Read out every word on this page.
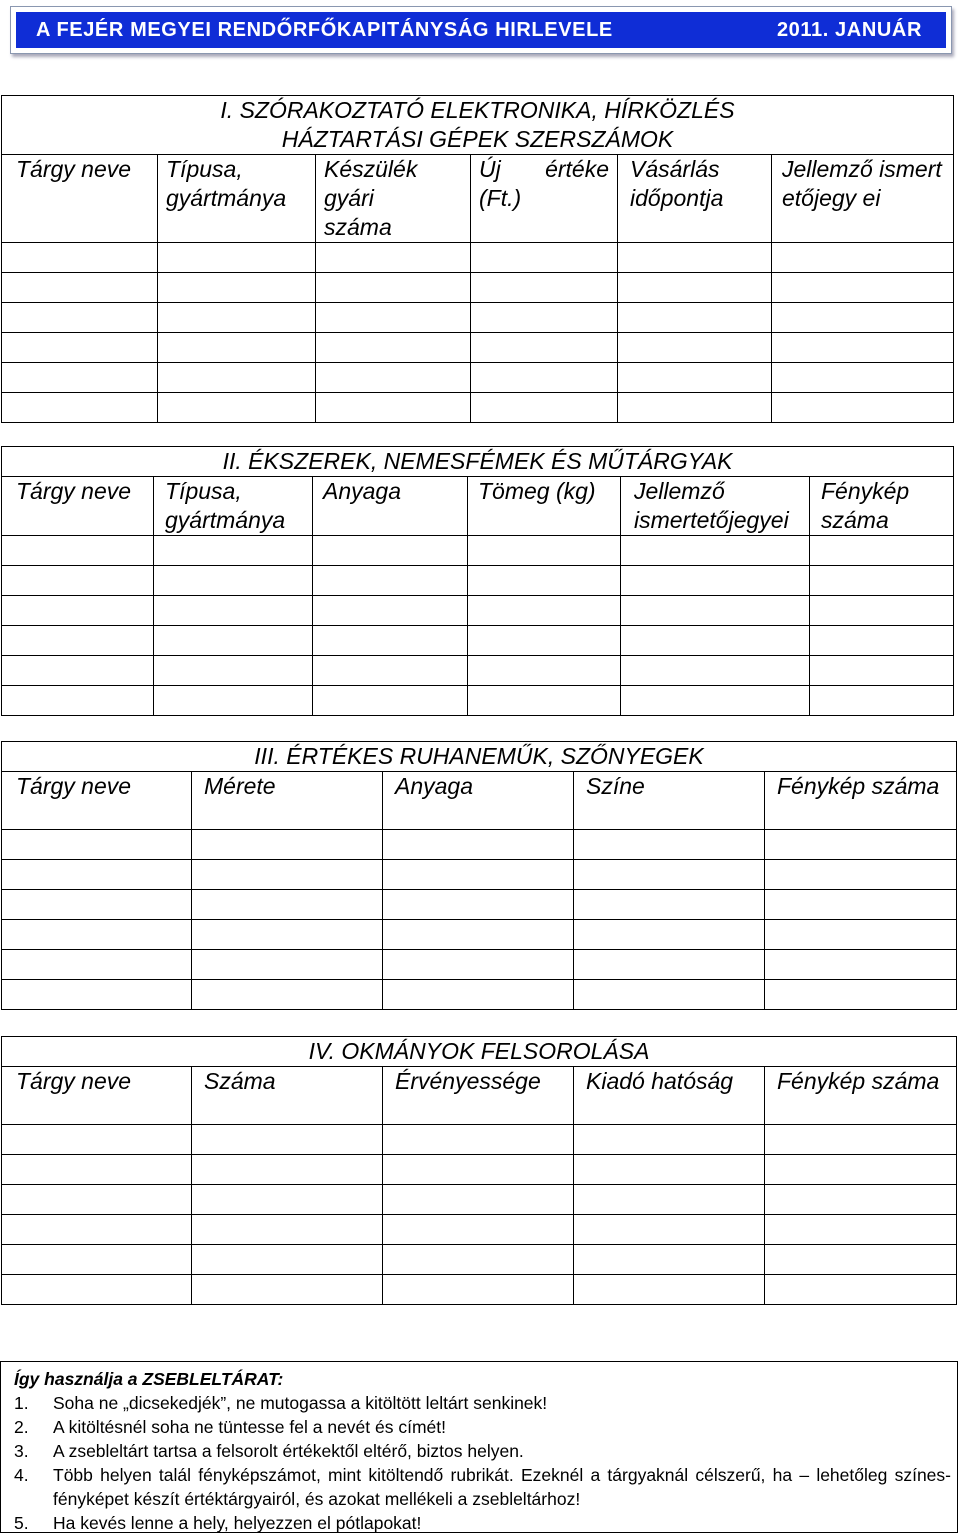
A FEJÉR MEGYEI RENDŐRFŐKAPITÁNYSÁG HIRLEVELE	2011. JANUÁR
I. SZÓRAKOZTATÓ ELEKTRONIKA, HÍRKÖZLÉS
HÁZTARTÁSI GÉPEK SZERSZÁMOK					

Tárgy neve	Típusa, gyártmánya	Készülék gyári száma	Új értéke (Ft.)	Vásárlás időpontja	Jellemző ismertetőjegy ei

II. ÉKSZEREK, NEMESFÉMEK ÉS MŰTÁRGYAK					
Tárgy neve	Típusa, gyártmánya	Anyaga	Tömeg (kg)	Jellemző ismertetőjegyei	Fénykép száma

III. ÉRTÉKES RUHANEMŰK, SZŐNYEGEK				
Tárgy neve	Mérete	Anyaga	Színe	Fénykép száma

IV. OKMÁNYOK FELSOROLÁSA				
Tárgy neve	Száma	Érvényessége	Kiadó hatóság	Fénykép száma

Így használja a ZSEBLELTÁRAT:
1. Soha ne „dicsekedjék”, ne mutogassa a kitöltött leltárt senkinek!
2. A kitöltésnél soha ne tüntesse fel a nevét és címét!
3. A zsebleltárt tartsa a felsorolt értékektől eltérő, biztos helyen.
4. Több helyen talál fényképszámot, mint kitöltendő rubrikát. Ezeknél a tárgyaknál célszerű, ha – lehetőleg színes- fényképet készít értéktárgyairól, és azokat mellékeli a zsebleltárhoz!
5. Ha kevés lenne a hely, helyezzen el pótlapokat!
